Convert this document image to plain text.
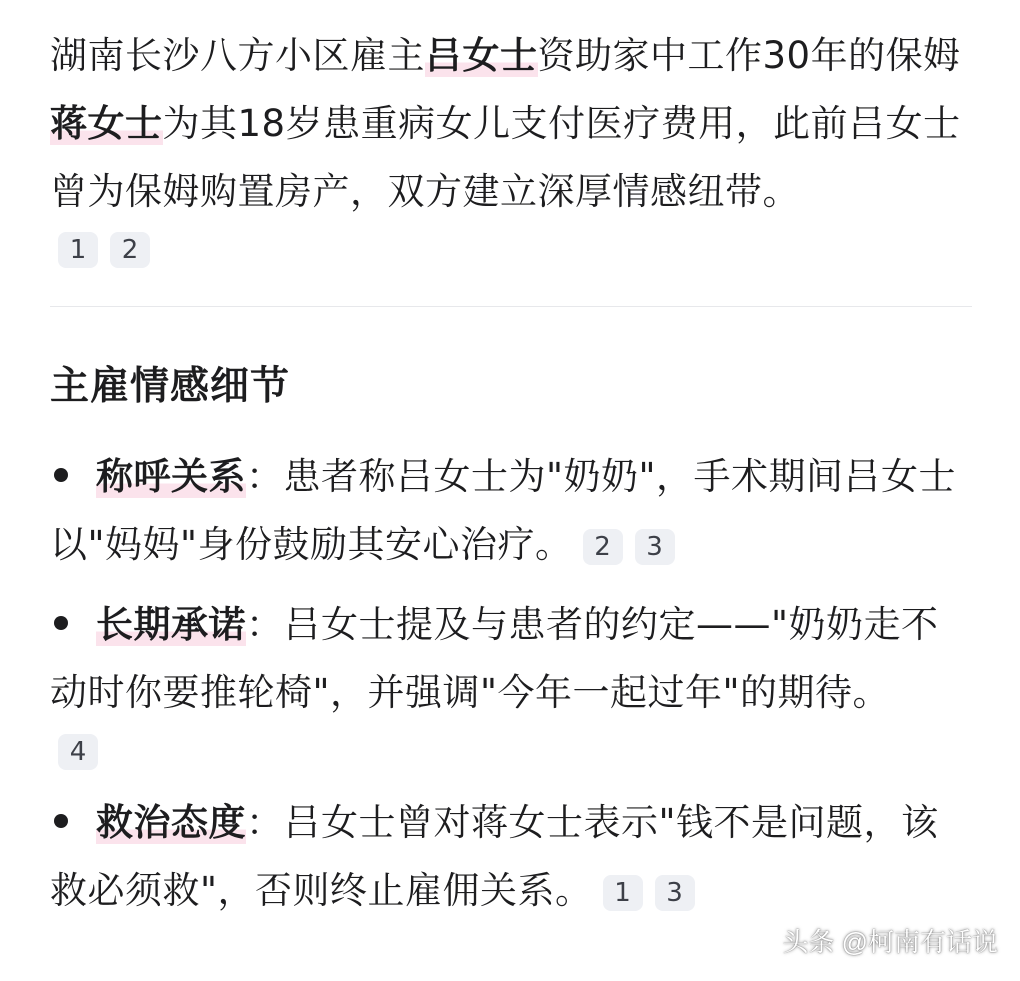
湖南长沙八方小区雇主吕女士资助家中工作30年的保姆蒋女士为其18岁患重病女儿支付医疗费用，此前吕女士曾为保姆购置房产，双方建立深厚情感纽带。

1 2
主雇情感细节

称呼关系：患者称吕女士为"奶奶"，手术期间吕女士以"妈妈"身份鼓励其安心治疗。 2 3

长期承诺：吕女士提及与患者的约定——"奶奶走不动时你要推轮椅"，并强调"今年一起过年"的期待。

4

救治态度：吕女士曾对蒋女士表示"钱不是问题，该救必须救"，否则终止雇佣关系。 1 3

头条 @柯南有话说
